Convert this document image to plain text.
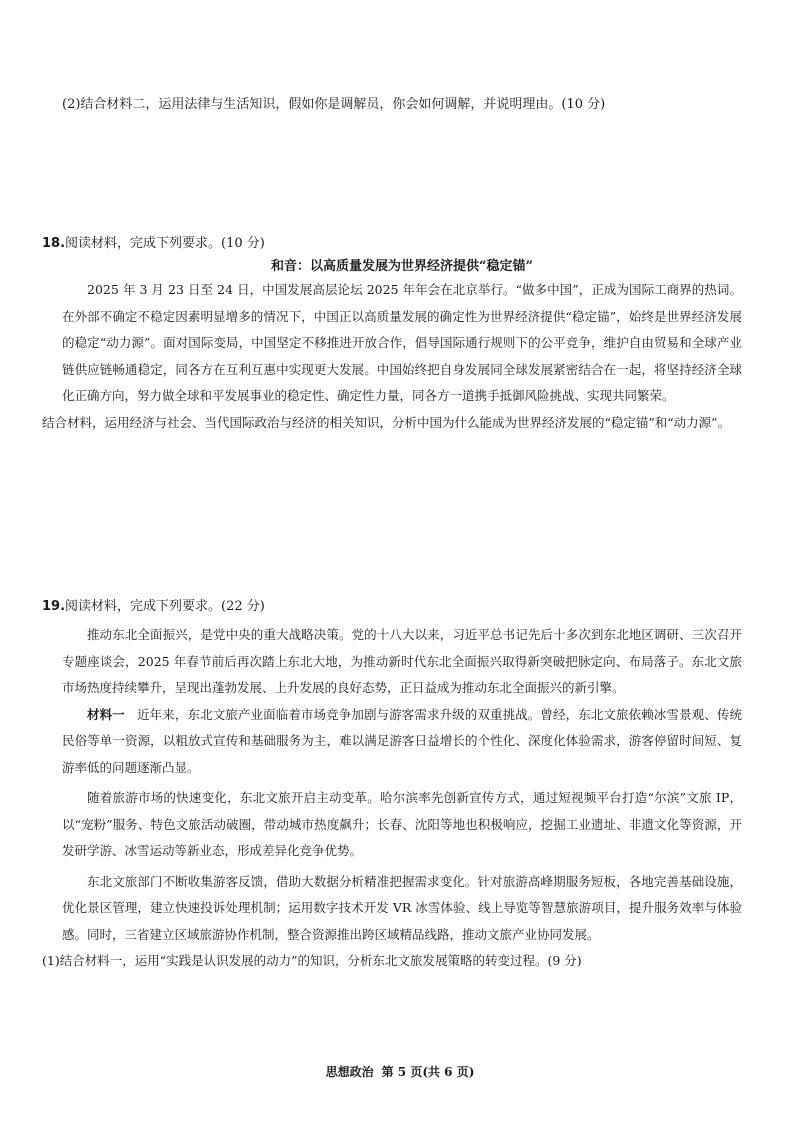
(2)结合材料二，运用法律与生活知识，假如你是调解员，你会如何调解，并说明理由。(10 分)
18.阅读材料，完成下列要求。(10 分)
和音：以高质量发展为世界经济提供“稳定锚”
2025 年 3 月 23 日至 24 日，中国发展高层论坛 2025 年年会在北京举行。“做多中国”，正成为国际工商界的热词。在外部不确定不稳定因素明显增多的情况下，中国正以高质量发展的确定性为世界经济提供“稳定锚”，始终是世界经济发展的稳定“动力源”。面对国际变局，中国坚定不移推进开放合作，倡导国际通行规则下的公平竞争，维护自由贸易和全球产业链供应链畅通稳定，同各方在互利互惠中实现更大发展。中国始终把自身发展同全球发展紧密结合在一起，将坚持经济全球化正确方向，努力做全球和平发展事业的稳定性、确定性力量，同各方一道携手抵御风险挑战、实现共同繁荣。
结合材料，运用经济与社会、当代国际政治与经济的相关知识，分析中国为什么能成为世界经济发展的“稳定锚”和“动力源”。
19.阅读材料，完成下列要求。(22 分)
推动东北全面振兴，是党中央的重大战略决策。党的十八大以来，习近平总书记先后十多次到东北地区调研、三次召开专题座谈会，2025 年春节前后再次踏上东北大地，为推动新时代东北全面振兴取得新突破把脉定向、布局落子。东北文旅市场热度持续攀升，呈现出蓬勃发展、上升发展的良好态势，正日益成为推动东北全面振兴的新引擎。
材料一 近年来，东北文旅产业面临着市场竞争加剧与游客需求升级的双重挑战。曾经，东北文旅依赖冰雪景观、传统民俗等单一资源，以粗放式宣传和基础服务为主，难以满足游客日益增长的个性化、深度化体验需求，游客停留时间短、复游率低的问题逐渐凸显。
随着旅游市场的快速变化，东北文旅开启主动变革。哈尔滨率先创新宣传方式，通过短视频平台打造“尔滨”文旅 IP，以“宠粉”服务、特色文旅活动破圈，带动城市热度飙升；长春、沈阳等地也积极响应，挖掘工业遗址、非遗文化等资源，开发研学游、冰雪运动等新业态，形成差异化竞争优势。
东北文旅部门不断收集游客反馈，借助大数据分析精准把握需求变化。针对旅游高峰期服务短板，各地完善基础设施，优化景区管理，建立快速投诉处理机制；运用数字技术开发 VR 冰雪体验、线上导览等智慧旅游项目，提升服务效率与体验感。同时，三省建立区域旅游协作机制，整合资源推出跨区域精品线路，推动文旅产业协同发展。
(1)结合材料一，运用“实践是认识发展的动力”的知识，分析东北文旅发展策略的转变过程。(9 分)
思想政治 第 5 页(共 6 页)
